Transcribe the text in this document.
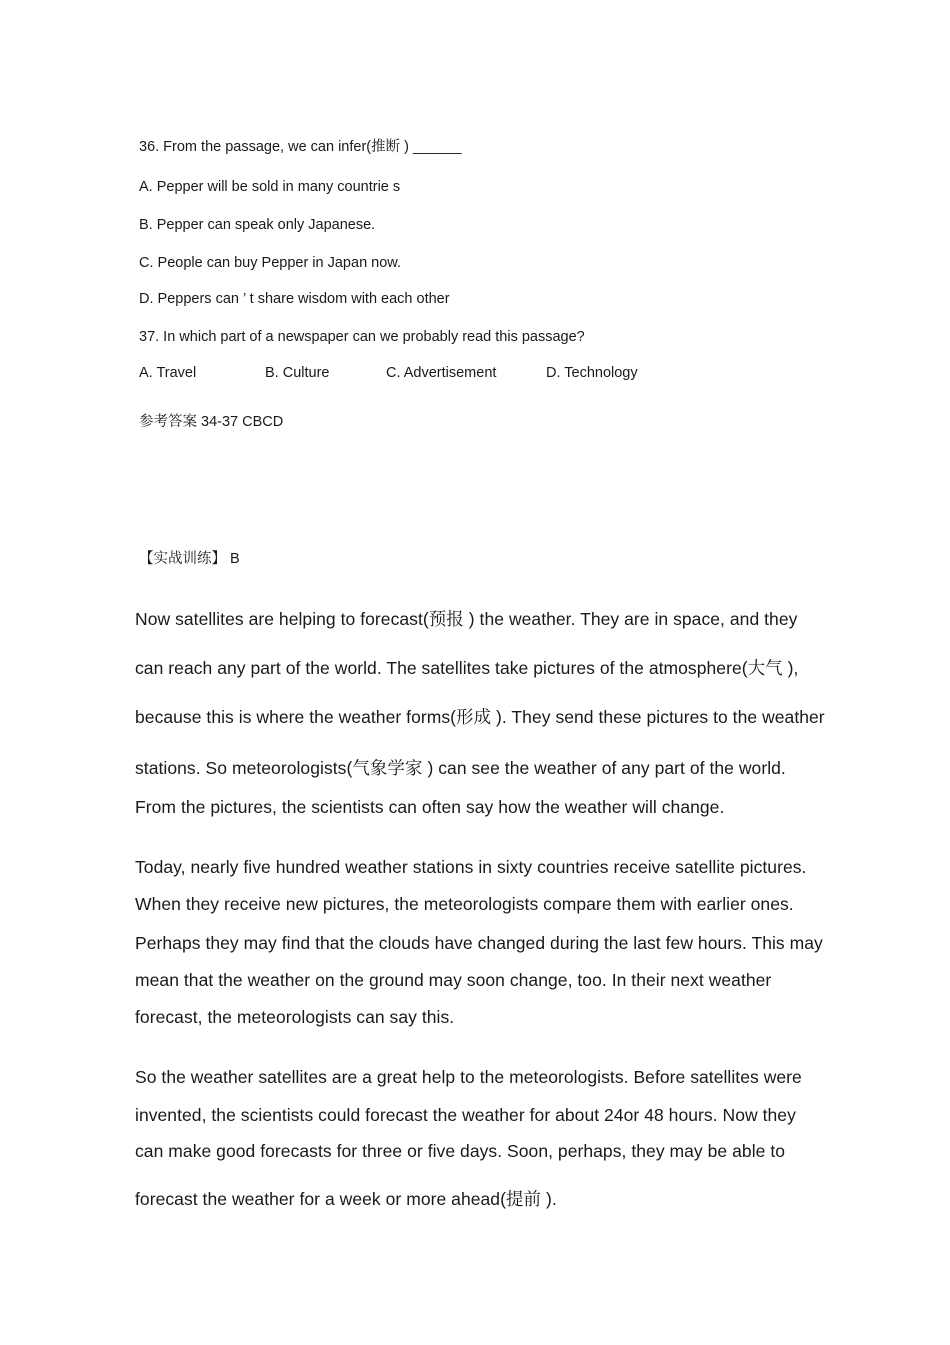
36. From the passage, we can infer(推断 ) ______
A. Pepper will be sold in many countrie s
B. Pepper can speak only Japanese.
C. People can buy Pepper in Japan now.
D. Peppers can ’ t share wisdom with each other
37. In which part of a newspaper can we probably read this passage?
A. Travel	B. Culture	C. Advertisement	D. Technology
参考答案 34-37 CBCD
【实战训练】 B
Now satellites are helping to forecast(预报 ) the weather. They are in space, and they
can reach any part of the world. The satellites take pictures of the atmosphere(大气 ),
because this is where the weather forms(形成 ). They send these pictures to the weather
stations. So meteorologists(气象学家 ) can see the weather of any part of the world.
From the pictures, the scientists can often say how the weather will change.
Today, nearly five hundred weather stations in sixty countries receive satellite pictures.
When they receive new pictures, the meteorologists compare them with earlier ones.
Perhaps they may find that the clouds have changed during the last few hours. This may
mean that the weather on the ground may soon change, too. In their next weather
forecast, the meteorologists can say this.
So the weather satellites are a great help to the meteorologists. Before satellites were
invented, the scientists could forecast the weather for about 24or 48 hours. Now they
can make good forecasts for three or five days. Soon, perhaps, they may be able to
forecast the weather for a week or more ahead(提前 ).
